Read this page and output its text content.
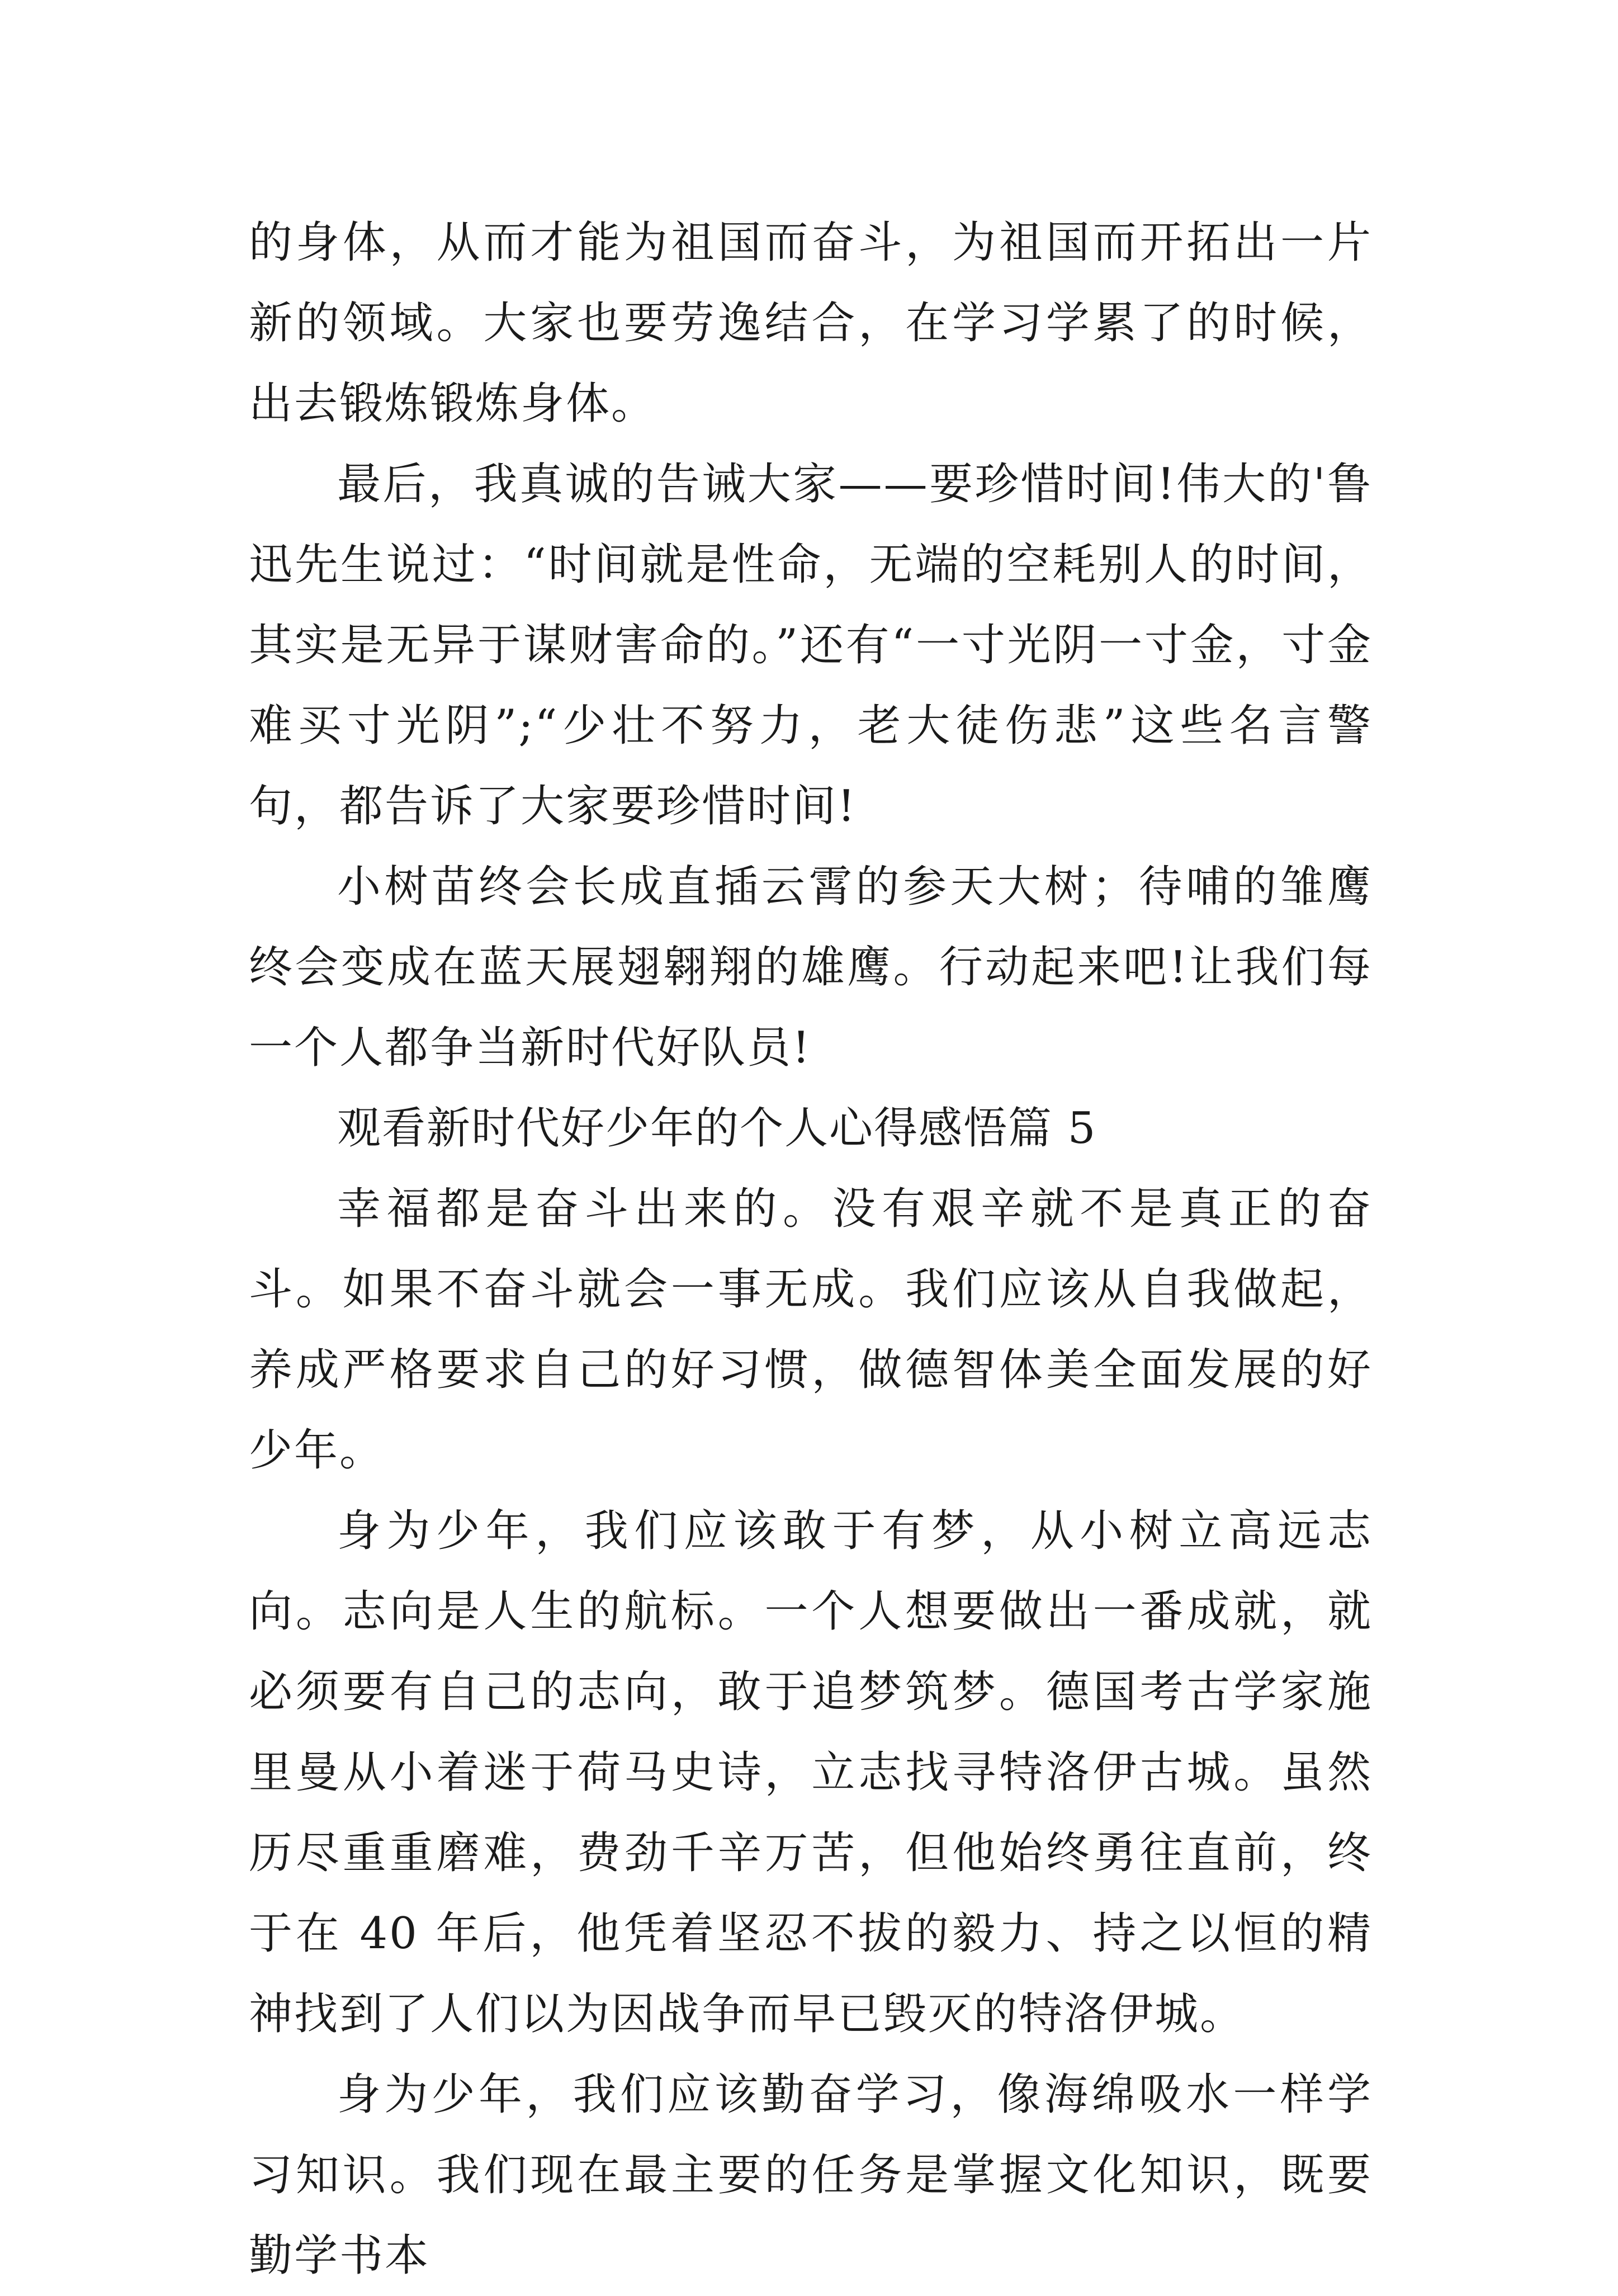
的身体，从而才能为祖国而奋斗，为祖国而开拓出一片新的领域。大家也要劳逸结合，在学习学累了的时候，出去锻炼锻炼身体。

最后，我真诚的告诫大家——要珍惜时间!伟大的'鲁迅先生说过：“时间就是性命，无端的空耗别人的时间，其实是无异于谋财害命的。”还有“一寸光阴一寸金，寸金难买寸光阴”;“少壮不努力，老大徒伤悲”这些名言警句，都告诉了大家要珍惜时间!

小树苗终会长成直插云霄的参天大树；待哺的雏鹰终会变成在蓝天展翅翱翔的雄鹰。行动起来吧!让我们每一个人都争当新时代好队员!

观看新时代好少年的个人心得感悟篇 5

幸福都是奋斗出来的。没有艰辛就不是真正的奋斗。如果不奋斗就会一事无成。我们应该从自我做起，养成严格要求自己的好习惯，做德智体美全面发展的好少年。

身为少年，我们应该敢于有梦，从小树立高远志向。志向是人生的航标。一个人想要做出一番成就，就必须要有自己的志向，敢于追梦筑梦。德国考古学家施里曼从小着迷于荷马史诗，立志找寻特洛伊古城。虽然历尽重重磨难，费劲千辛万苦，但他始终勇往直前，终于在 40 年后，他凭着坚忍不拔的毅力、持之以恒的精神找到了人们以为因战争而早已毁灭的特洛伊城。

身为少年，我们应该勤奋学习，像海绵吸水一样学习知识。我们现在最主要的任务是掌握文化知识，既要勤学书本
